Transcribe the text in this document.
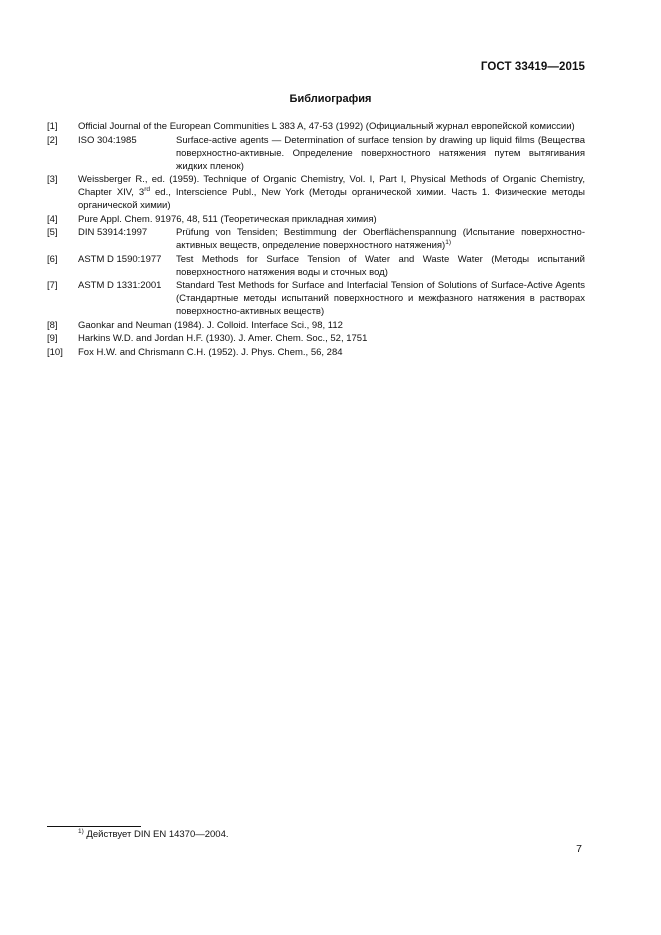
ГОСТ 33419—2015
Библиография
[1]	Official Journal of the European Communities L 383 A, 47-53 (1992) (Официальный журнал европейской комиссии)
[2]	ISO 304:1985	Surface-active agents — Determination of surface tension by drawing up liquid films (Вещества поверхностно-активные. Определение поверхностного натяжения путем вытягивания жидких пленок)
[3]	Weissberger R., ed. (1959). Technique of Organic Chemistry, Vol. I, Part I, Physical Methods of Organic Chemistry, Chapter XIV, 3rd ed., Interscience Publ., New York (Методы органической химии. Часть 1. Физические методы органической химии)
[4]	Pure Appl. Chem. 91976, 48, 511 (Теоретическая прикладная химия)
[5]	DIN 53914:1997	Prüfung von Tensiden; Bestimmung der Oberflächenspannung (Испытание поверхностно-активных веществ, определение поверхностного натяжения)$^{1)}$
[6]	ASTM D 1590:1977	Test Methods for Surface Tension of Water and Waste Water (Методы испытаний поверхностного натяжения воды и сточных вод)
[7]	ASTM D 1331:2001	Standard Test Methods for Surface and Interfacial Tension of Solutions of Surface-Active Agents (Стандартные методы испытаний поверхностного и межфазного натяжения в растворах поверхностно-активных веществ)
[8]	Gaonkar and Neuman (1984). J. Colloid. Interface Sci., 98, 112
[9]	Harkins W.D. and Jordan H.F. (1930). J. Amer. Chem. Soc., 52, 1751
[10]	Fox H.W. and Chrismann C.H. (1952). J. Phys. Chem., 56, 284
$^{1)}$ Действует DIN EN 14370—2004.
7
